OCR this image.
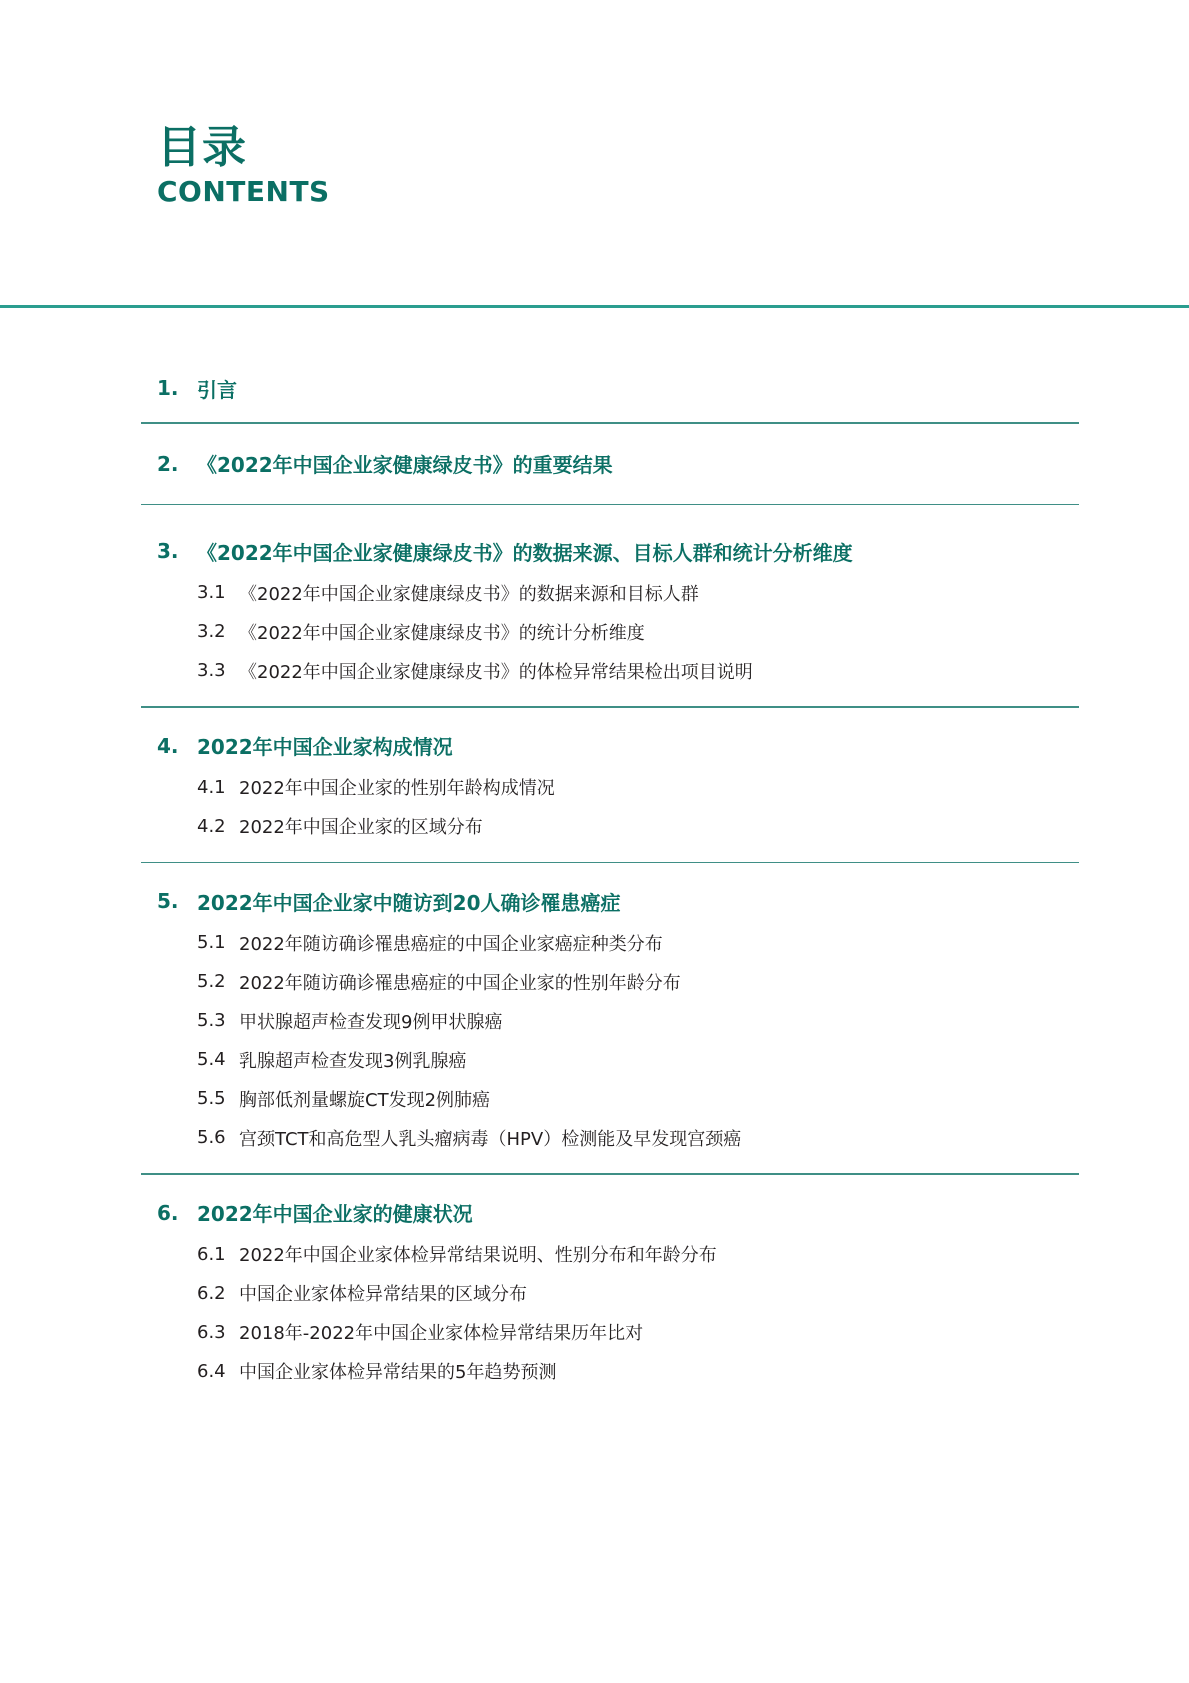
目录
CONTENTS
1. 引言
2. 《2022年中国企业家健康绿皮书》的重要结果
3. 《2022年中国企业家健康绿皮书》的数据来源、目标人群和统计分析维度
3.1 《2022年中国企业家健康绿皮书》的数据来源和目标人群
3.2 《2022年中国企业家健康绿皮书》的统计分析维度
3.3 《2022年中国企业家健康绿皮书》的体检异常结果检出项目说明
4. 2022年中国企业家构成情况
4.1 2022年中国企业家的性别年龄构成情况
4.2 2022年中国企业家的区域分布
5. 2022年中国企业家中随访到20人确诊罹患癌症
5.1 2022年随访确诊罹患癌症的中国企业家癌症种类分布
5.2 2022年随访确诊罹患癌症的中国企业家的性别年龄分布
5.3 甲状腺超声检查发现9例甲状腺癌
5.4 乳腺超声检查发现3例乳腺癌
5.5 胸部低剂量螺旋CT发现2例肺癌
5.6 宫颈TCT和高危型人乳头瘤病毒（HPV）检测能及早发现宫颈癌
6. 2022年中国企业家的健康状况
6.1 2022年中国企业家体检异常结果说明、性别分布和年龄分布
6.2 中国企业家体检异常结果的区域分布
6.3 2018年-2022年中国企业家体检异常结果历年比对
6.4 中国企业家体检异常结果的5年趋势预测
